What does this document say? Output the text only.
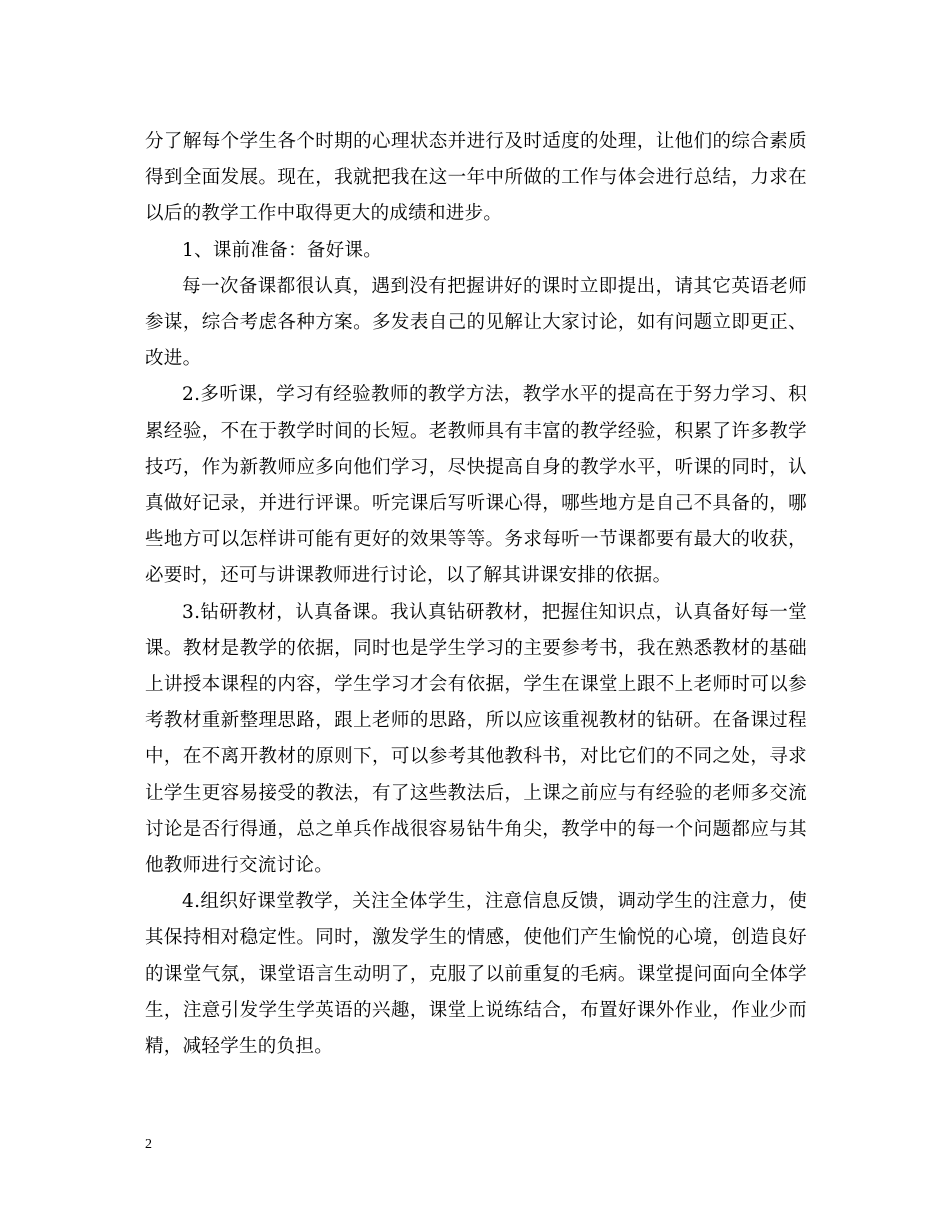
分了解每个学生各个时期的心理状态并进行及时适度的处理，让他们的综合素质得到全面发展。现在，我就把我在这一年中所做的工作与体会进行总结，力求在以后的教学工作中取得更大的成绩和进步。

1、课前准备：备好课。

每一次备课都很认真，遇到没有把握讲好的课时立即提出，请其它英语老师参谋，综合考虑各种方案。多发表自己的见解让大家讨论，如有问题立即更正、改进。

2.多听课，学习有经验教师的教学方法，教学水平的提高在于努力学习、积累经验，不在于教学时间的长短。老教师具有丰富的教学经验，积累了许多教学技巧，作为新教师应多向他们学习，尽快提高自身的教学水平，听课的同时，认真做好记录，并进行评课。听完课后写听课心得，哪些地方是自己不具备的，哪些地方可以怎样讲可能有更好的效果等等。务求每听一节课都要有最大的收获，必要时，还可与讲课教师进行讨论，以了解其讲课安排的依据。

3.钻研教材，认真备课。我认真钻研教材，把握住知识点，认真备好每一堂课。教材是教学的依据，同时也是学生学习的主要参考书，我在熟悉教材的基础上讲授本课程的内容，学生学习才会有依据，学生在课堂上跟不上老师时可以参考教材重新整理思路，跟上老师的思路，所以应该重视教材的钻研。在备课过程中，在不离开教材的原则下，可以参考其他教科书，对比它们的不同之处，寻求让学生更容易接受的教法，有了这些教法后，上课之前应与有经验的老师多交流讨论是否行得通，总之单兵作战很容易钻牛角尖，教学中的每一个问题都应与其他教师进行交流讨论。

4.组织好课堂教学，关注全体学生，注意信息反馈，调动学生的注意力，使其保持相对稳定性。同时，激发学生的情感，使他们产生愉悦的心境，创造良好的课堂气氛，课堂语言生动明了，克服了以前重复的毛病。课堂提问面向全体学生，注意引发学生学英语的兴趣，课堂上说练结合，布置好课外作业，作业少而精，减轻学生的负担。

2
